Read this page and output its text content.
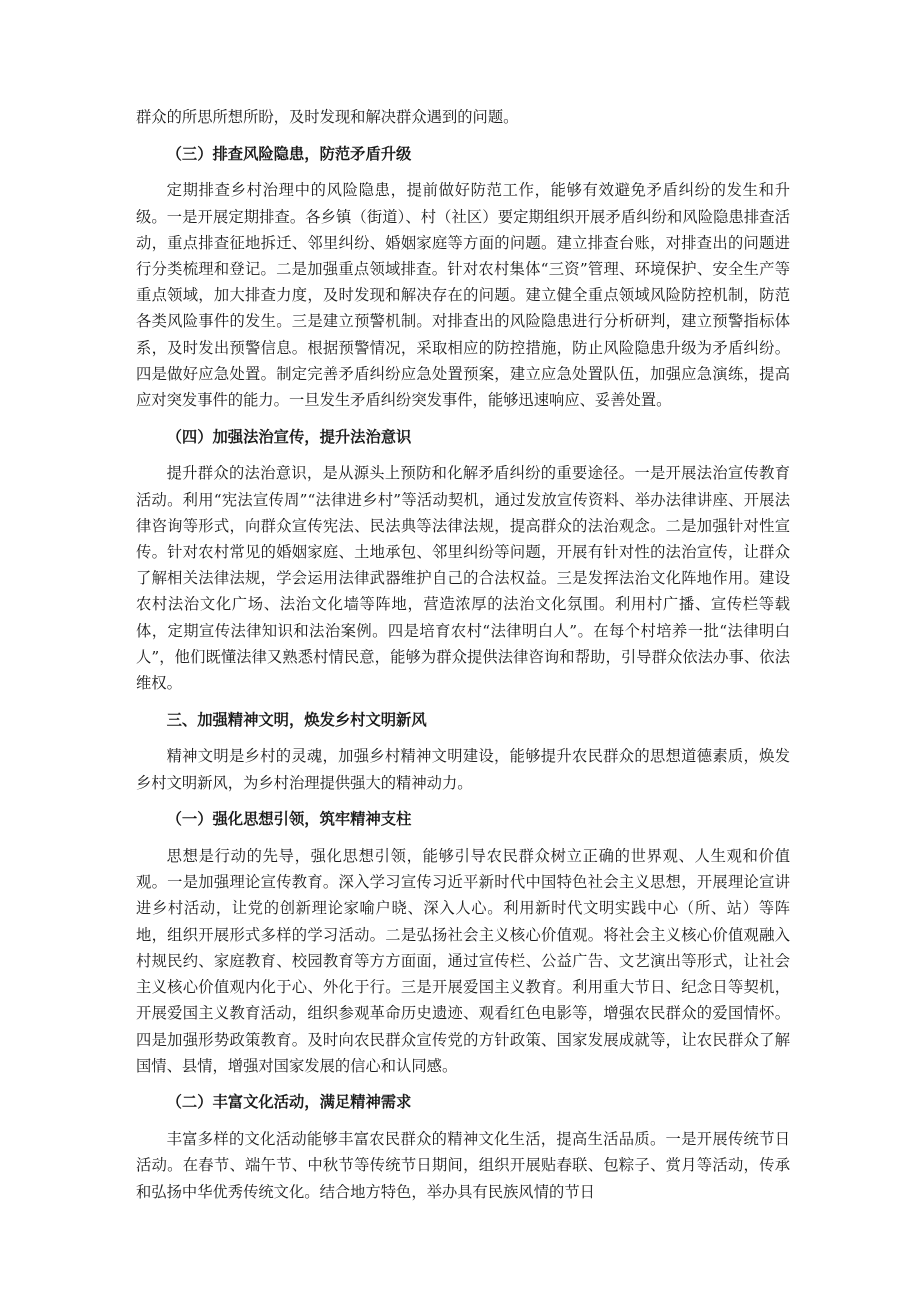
群众的所思所想所盼，及时发现和解决群众遇到的问题。

（三）排查风险隐患，防范矛盾升级

定期排查乡村治理中的风险隐患，提前做好防范工作，能够有效避免矛盾纠纷的发生和升级。一是开展定期排查。各乡镇（街道）、村（社区）要定期组织开展矛盾纠纷和风险隐患排查活动，重点排查征地拆迁、邻里纠纷、婚姻家庭等方面的问题。建立排查台账，对排查出的问题进行分类梳理和登记。二是加强重点领域排查。针对农村集体“三资”管理、环境保护、安全生产等重点领域，加大排查力度，及时发现和解决存在的问题。建立健全重点领域风险防控机制，防范各类风险事件的发生。三是建立预警机制。对排查出的风险隐患进行分析研判，建立预警指标体系，及时发出预警信息。根据预警情况，采取相应的防控措施，防止风险隐患升级为矛盾纠纷。四是做好应急处置。制定完善矛盾纠纷应急处置预案，建立应急处置队伍，加强应急演练，提高应对突发事件的能力。一旦发生矛盾纠纷突发事件，能够迅速响应、妥善处置。

（四）加强法治宣传，提升法治意识

提升群众的法治意识，是从源头上预防和化解矛盾纠纷的重要途径。一是开展法治宣传教育活动。利用“宪法宣传周”“法律进乡村”等活动契机，通过发放宣传资料、举办法律讲座、开展法律咨询等形式，向群众宣传宪法、民法典等法律法规，提高群众的法治观念。二是加强针对性宣传。针对农村常见的婚姻家庭、土地承包、邻里纠纷等问题，开展有针对性的法治宣传，让群众了解相关法律法规，学会运用法律武器维护自己的合法权益。三是发挥法治文化阵地作用。建设农村法治文化广场、法治文化墙等阵地，营造浓厚的法治文化氛围。利用村广播、宣传栏等载体，定期宣传法律知识和法治案例。四是培育农村“法律明白人”。在每个村培养一批“法律明白人”，他们既懂法律又熟悉村情民意，能够为群众提供法律咨询和帮助，引导群众依法办事、依法维权。

三、加强精神文明，焕发乡村文明新风

精神文明是乡村的灵魂，加强乡村精神文明建设，能够提升农民群众的思想道德素质，焕发乡村文明新风，为乡村治理提供强大的精神动力。

（一）强化思想引领，筑牢精神支柱

思想是行动的先导，强化思想引领，能够引导农民群众树立正确的世界观、人生观和价值观。一是加强理论宣传教育。深入学习宣传习近平新时代中国特色社会主义思想，开展理论宣讲进乡村活动，让党的创新理论家喻户晓、深入人心。利用新时代文明实践中心（所、站）等阵地，组织开展形式多样的学习活动。二是弘扬社会主义核心价值观。将社会主义核心价值观融入村规民约、家庭教育、校园教育等方方面面，通过宣传栏、公益广告、文艺演出等形式，让社会主义核心价值观内化于心、外化于行。三是开展爱国主义教育。利用重大节日、纪念日等契机，开展爱国主义教育活动，组织参观革命历史遗迹、观看红色电影等，增强农民群众的爱国情怀。四是加强形势政策教育。及时向农民群众宣传党的方针政策、国家发展成就等，让农民群众了解国情、县情，增强对国家发展的信心和认同感。

（二）丰富文化活动，满足精神需求

丰富多样的文化活动能够丰富农民群众的精神文化生活，提高生活品质。一是开展传统节日活动。在春节、端午节、中秋节等传统节日期间，组织开展贴春联、包粽子、赏月等活动，传承和弘扬中华优秀传统文化。结合地方特色，举办具有民族风情的节日
